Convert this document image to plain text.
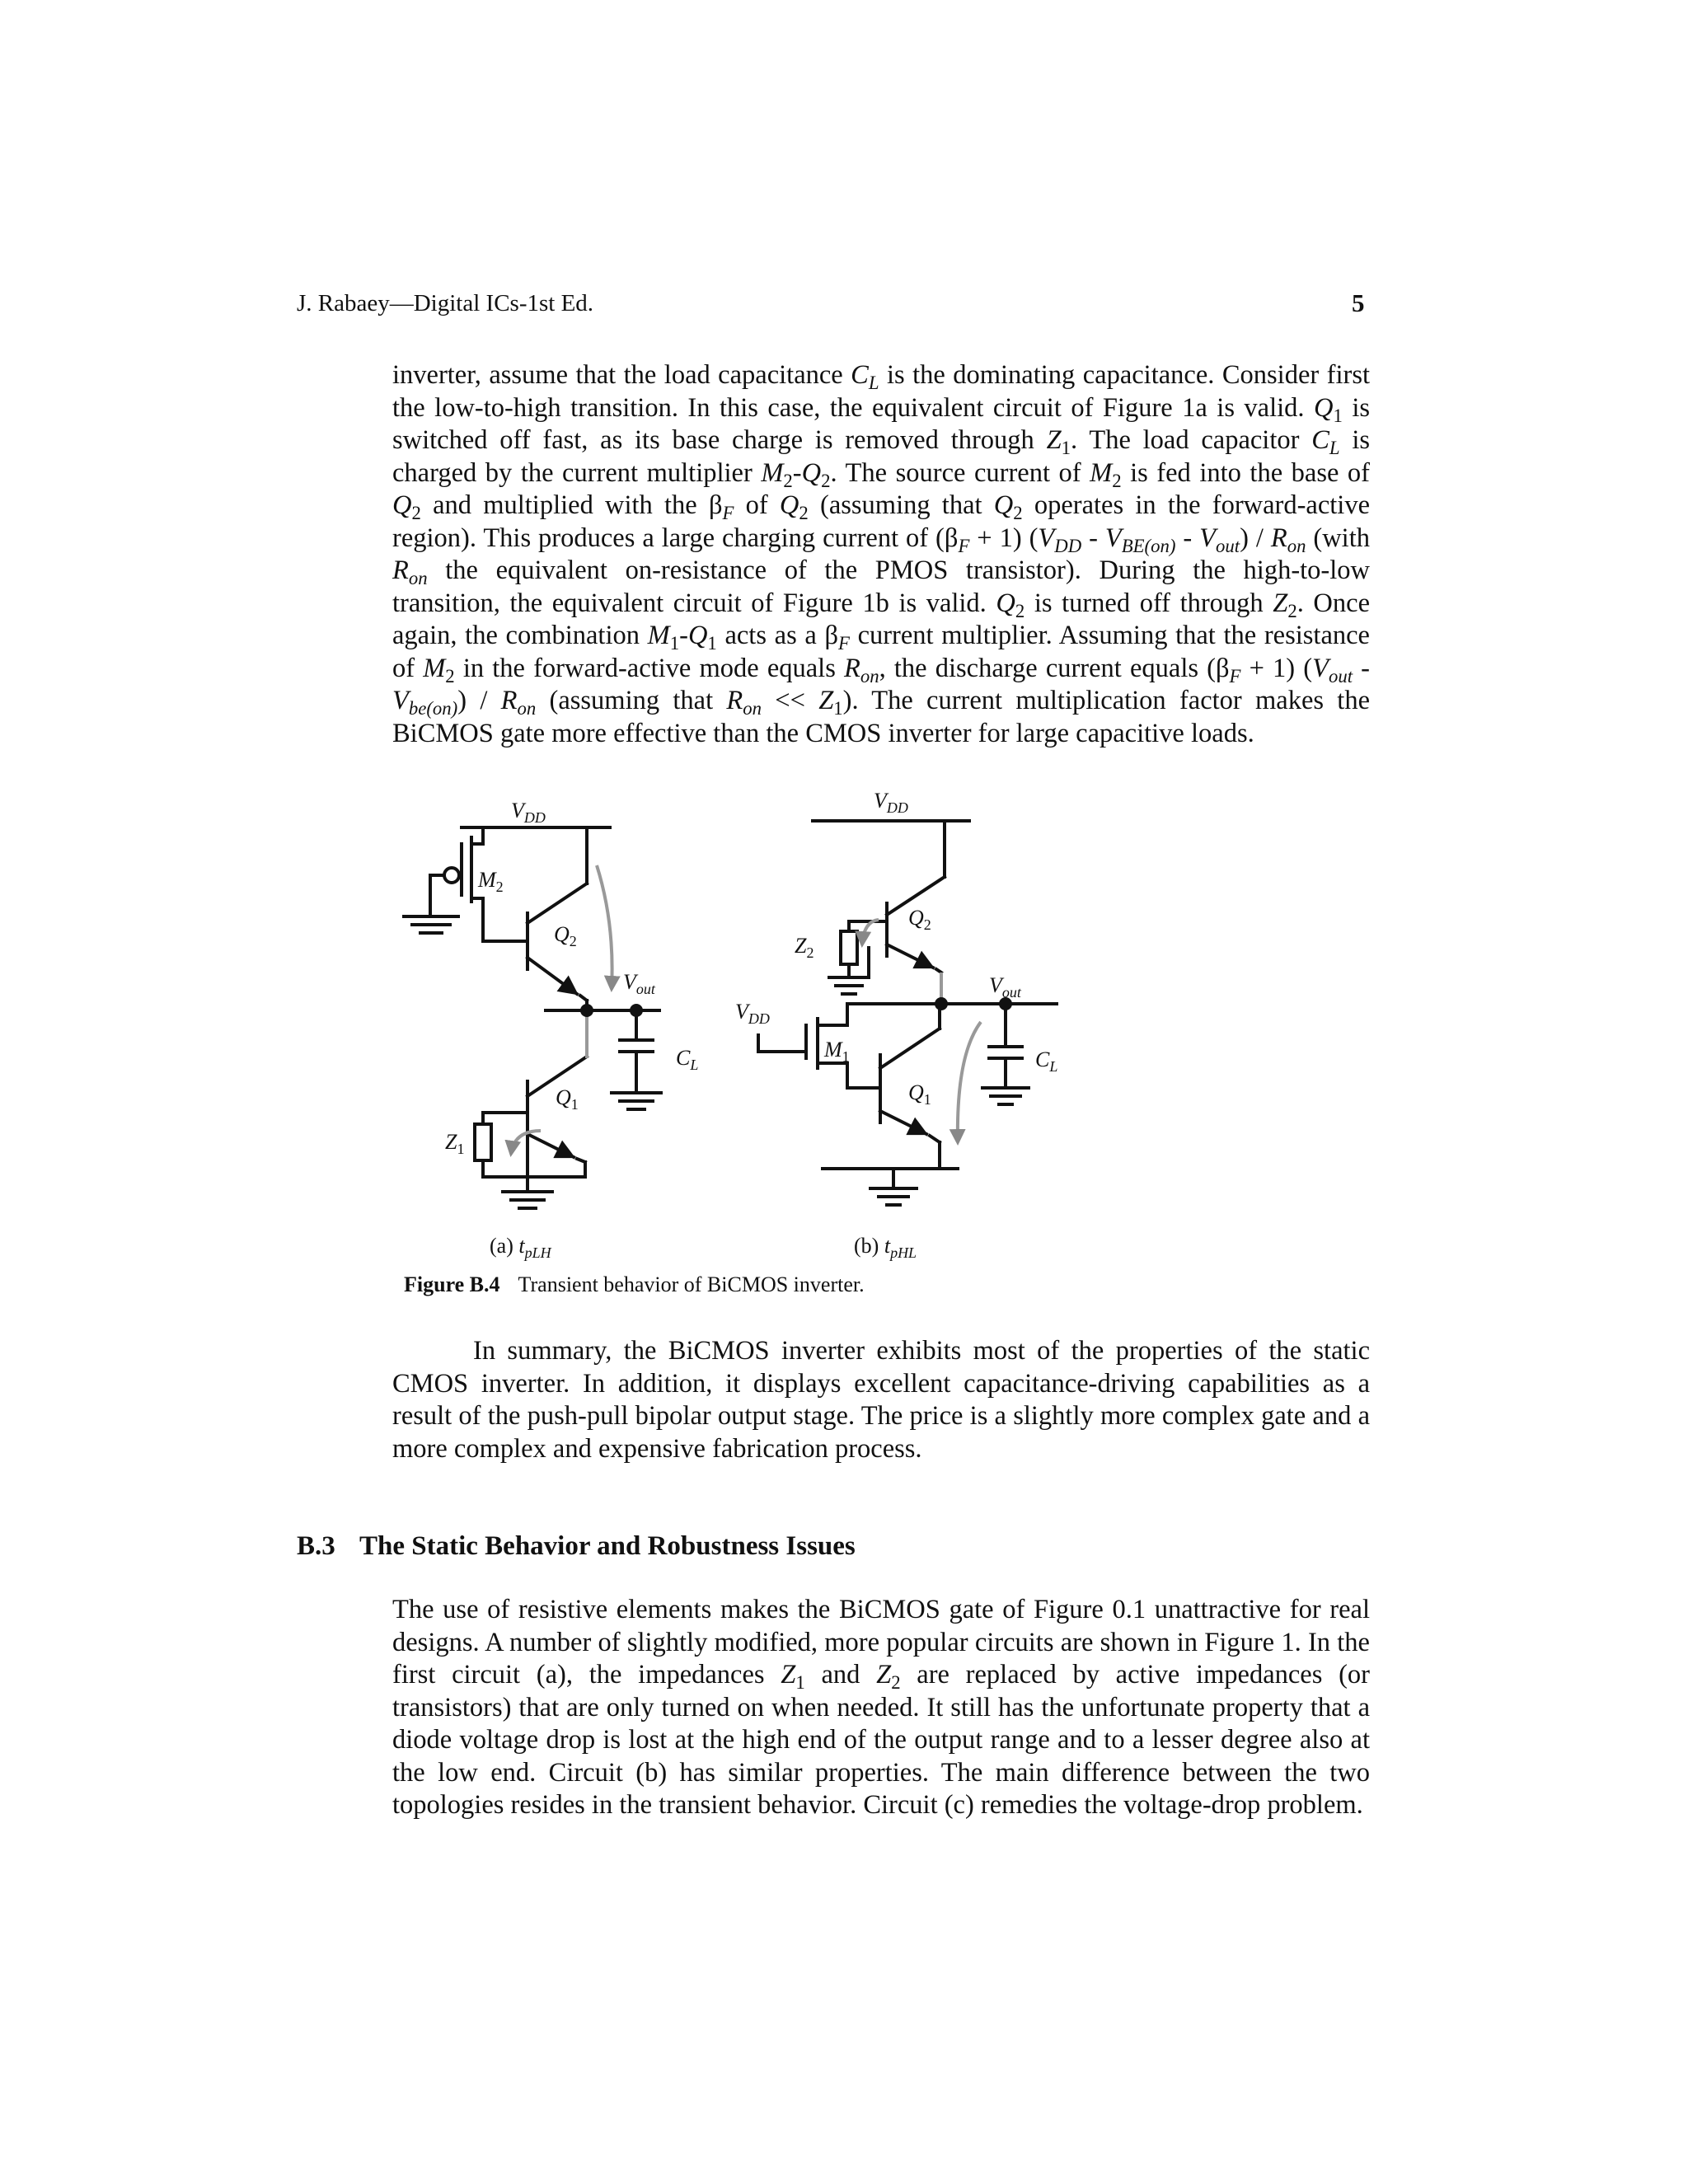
J. Rabaey—Digital ICs-1st Ed.	5
inverter, assume that the load capacitance $C_L$ is the dominating capacitance. Consider first the low-to-high transition. In this case, the equivalent circuit of Figure 1a is valid. $Q_1$ is switched off fast, as its base charge is removed through $Z_1$. The load capacitor $C_L$ is charged by the current multiplier $M_2-Q_2$. The source current of $M_2$ is fed into the base of $Q_2$ and multiplied with the $\beta_F$ of $Q_2$ (assuming that $Q_2$ operates in the forward-active region). This produces a large charging current of $(\beta_F + 1)$ $(V_{DD} - V_{BE(on)} - V_{out}) / R_{on}$ (with $R_{on}$ the equivalent on-resistance of the PMOS transistor). During the high-to-low transition, the equivalent circuit of Figure 1b is valid. $Q_2$ is turned off through $Z_2$. Once again, the combination $M_1-Q_1$ acts as a $\beta_F$ current multiplier. Assuming that the resistance of $M_2$ in the forward-active mode equals $R_{on}$, the discharge current equals $(\beta_F + 1)$ $(V_{out} - V_{be(on)}) / R_{on}$ (assuming that $R_{on} << Z_1$). The current multiplication factor makes the BiCMOS gate more effective than the CMOS inverter for large capacitive loads.
$V_{DD}$
$M_2$
$Q_2$
$V_{out}$
$C_L$
$Q_1$
$Z_1$
(a) $t_{pLH}$
$V_{DD}$
$Q_2$
$Z_2$
$V_{out}$
$V_{DD}$
$M_1$	$C_L$
$Q_1$
(b) $t_{pHL}$
Figure B.4 Transient behavior of BiCMOS inverter.
In summary, the BiCMOS inverter exhibits most of the properties of the static CMOS inverter. In addition, it displays excellent capacitance-driving capabilities as a result of the push-pull bipolar output stage. The price is a slightly more complex gate and a more complex and expensive fabrication process.
B.3 The Static Behavior and Robustness Issues
The use of resistive elements makes the BiCMOS gate of Figure 0.1 unattractive for real designs. A number of slightly modified, more popular circuits are shown in Figure 1. In the first circuit (a), the impedances $Z_1$ and $Z_2$ are replaced by active impedances (or transistors) that are only turned on when needed. It still has the unfortunate property that a diode voltage drop is lost at the high end of the output range and to a lesser degree also at the low end. Circuit (b) has similar properties. The main difference between the two topologies resides in the transient behavior. Circuit (c) remedies the voltage-drop problem.
